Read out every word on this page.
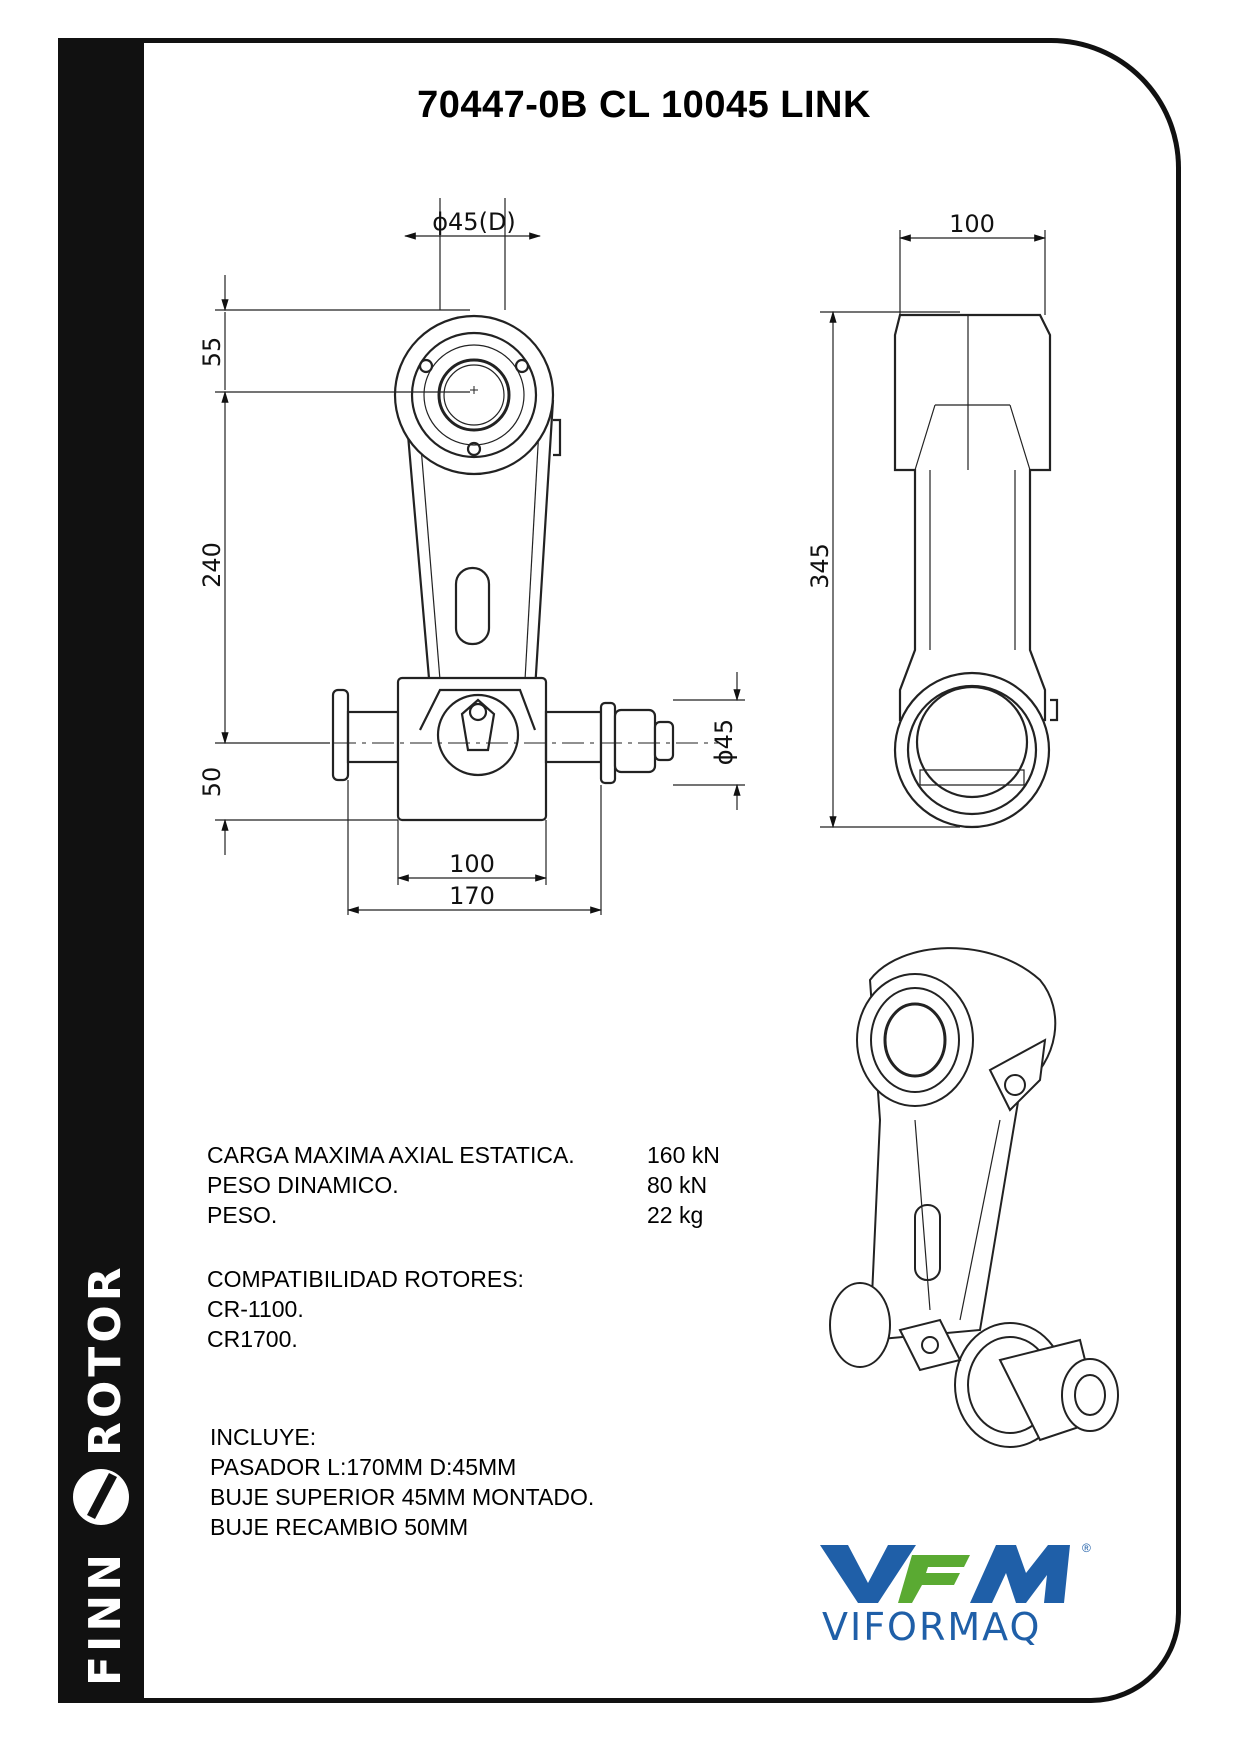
FINN
ROTOR
70447-0B CL 10045 LINK
ϕ45(D)
55
240
50
ϕ45
100
170
100
345
CARGA MAXIMA AXIAL ESTATICA.	160 kN
PESO DINAMICO.	80 kN
PESO.	22 kg
COMPATIBILIDAD ROTORES:
CR-1100.
CR1700.
INCLUYE:
PASADOR L:170MM D:45MM
BUJE SUPERIOR 45MM MONTADO.
BUJE RECAMBIO 50MM
VIFORMAQ
®
